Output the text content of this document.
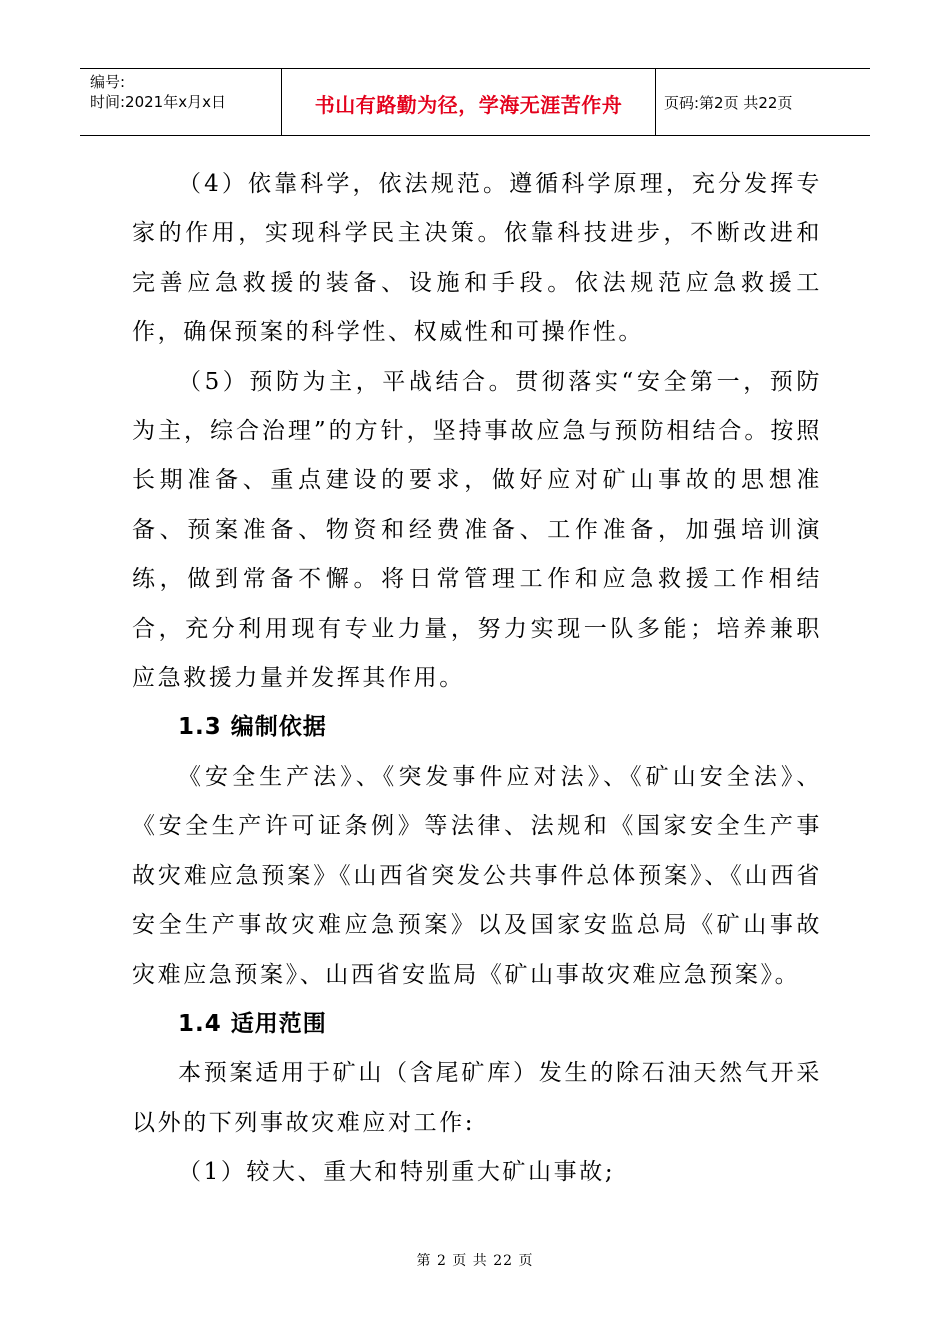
编号:
时间:2021年x月x日	书山有路勤为径，学海无涯苦作舟	页码:第2页 共22页

（4）依靠科学，依法规范。遵循科学原理，充分发挥专家的作用，实现科学民主决策。依靠科技进步，不断改进和完善应急救援的装备、设施和手段。依法规范应急救援工作，确保预案的科学性、权威性和可操作性。

（5）预防为主，平战结合。贯彻落实“安全第一，预防为主，综合治理”的方针，坚持事故应急与预防相结合。按照长期准备、重点建设的要求，做好应对矿山事故的思想准备、预案准备、物资和经费准备、工作准备，加强培训演练，做到常备不懈。将日常管理工作和应急救援工作相结合，充分利用现有专业力量，努力实现一队多能；培养兼职应急救援力量并发挥其作用。

1.3 编制依据

《安全生产法》、《突发事件应对法》、《矿山安全法》、《安全生产许可证条例》等法律、法规和《国家安全生产事故灾难应急预案》《山西省突发公共事件总体预案》、《山西省安全生产事故灾难应急预案》以及国家安监总局《矿山事故灾难应急预案》、山西省安监局《矿山事故灾难应急预案》。

1.4 适用范围

本预案适用于矿山（含尾矿库）发生的除石油天然气开采以外的下列事故灾难应对工作:

（1）较大、重大和特别重大矿山事故;

第 2 页 共 22 页
